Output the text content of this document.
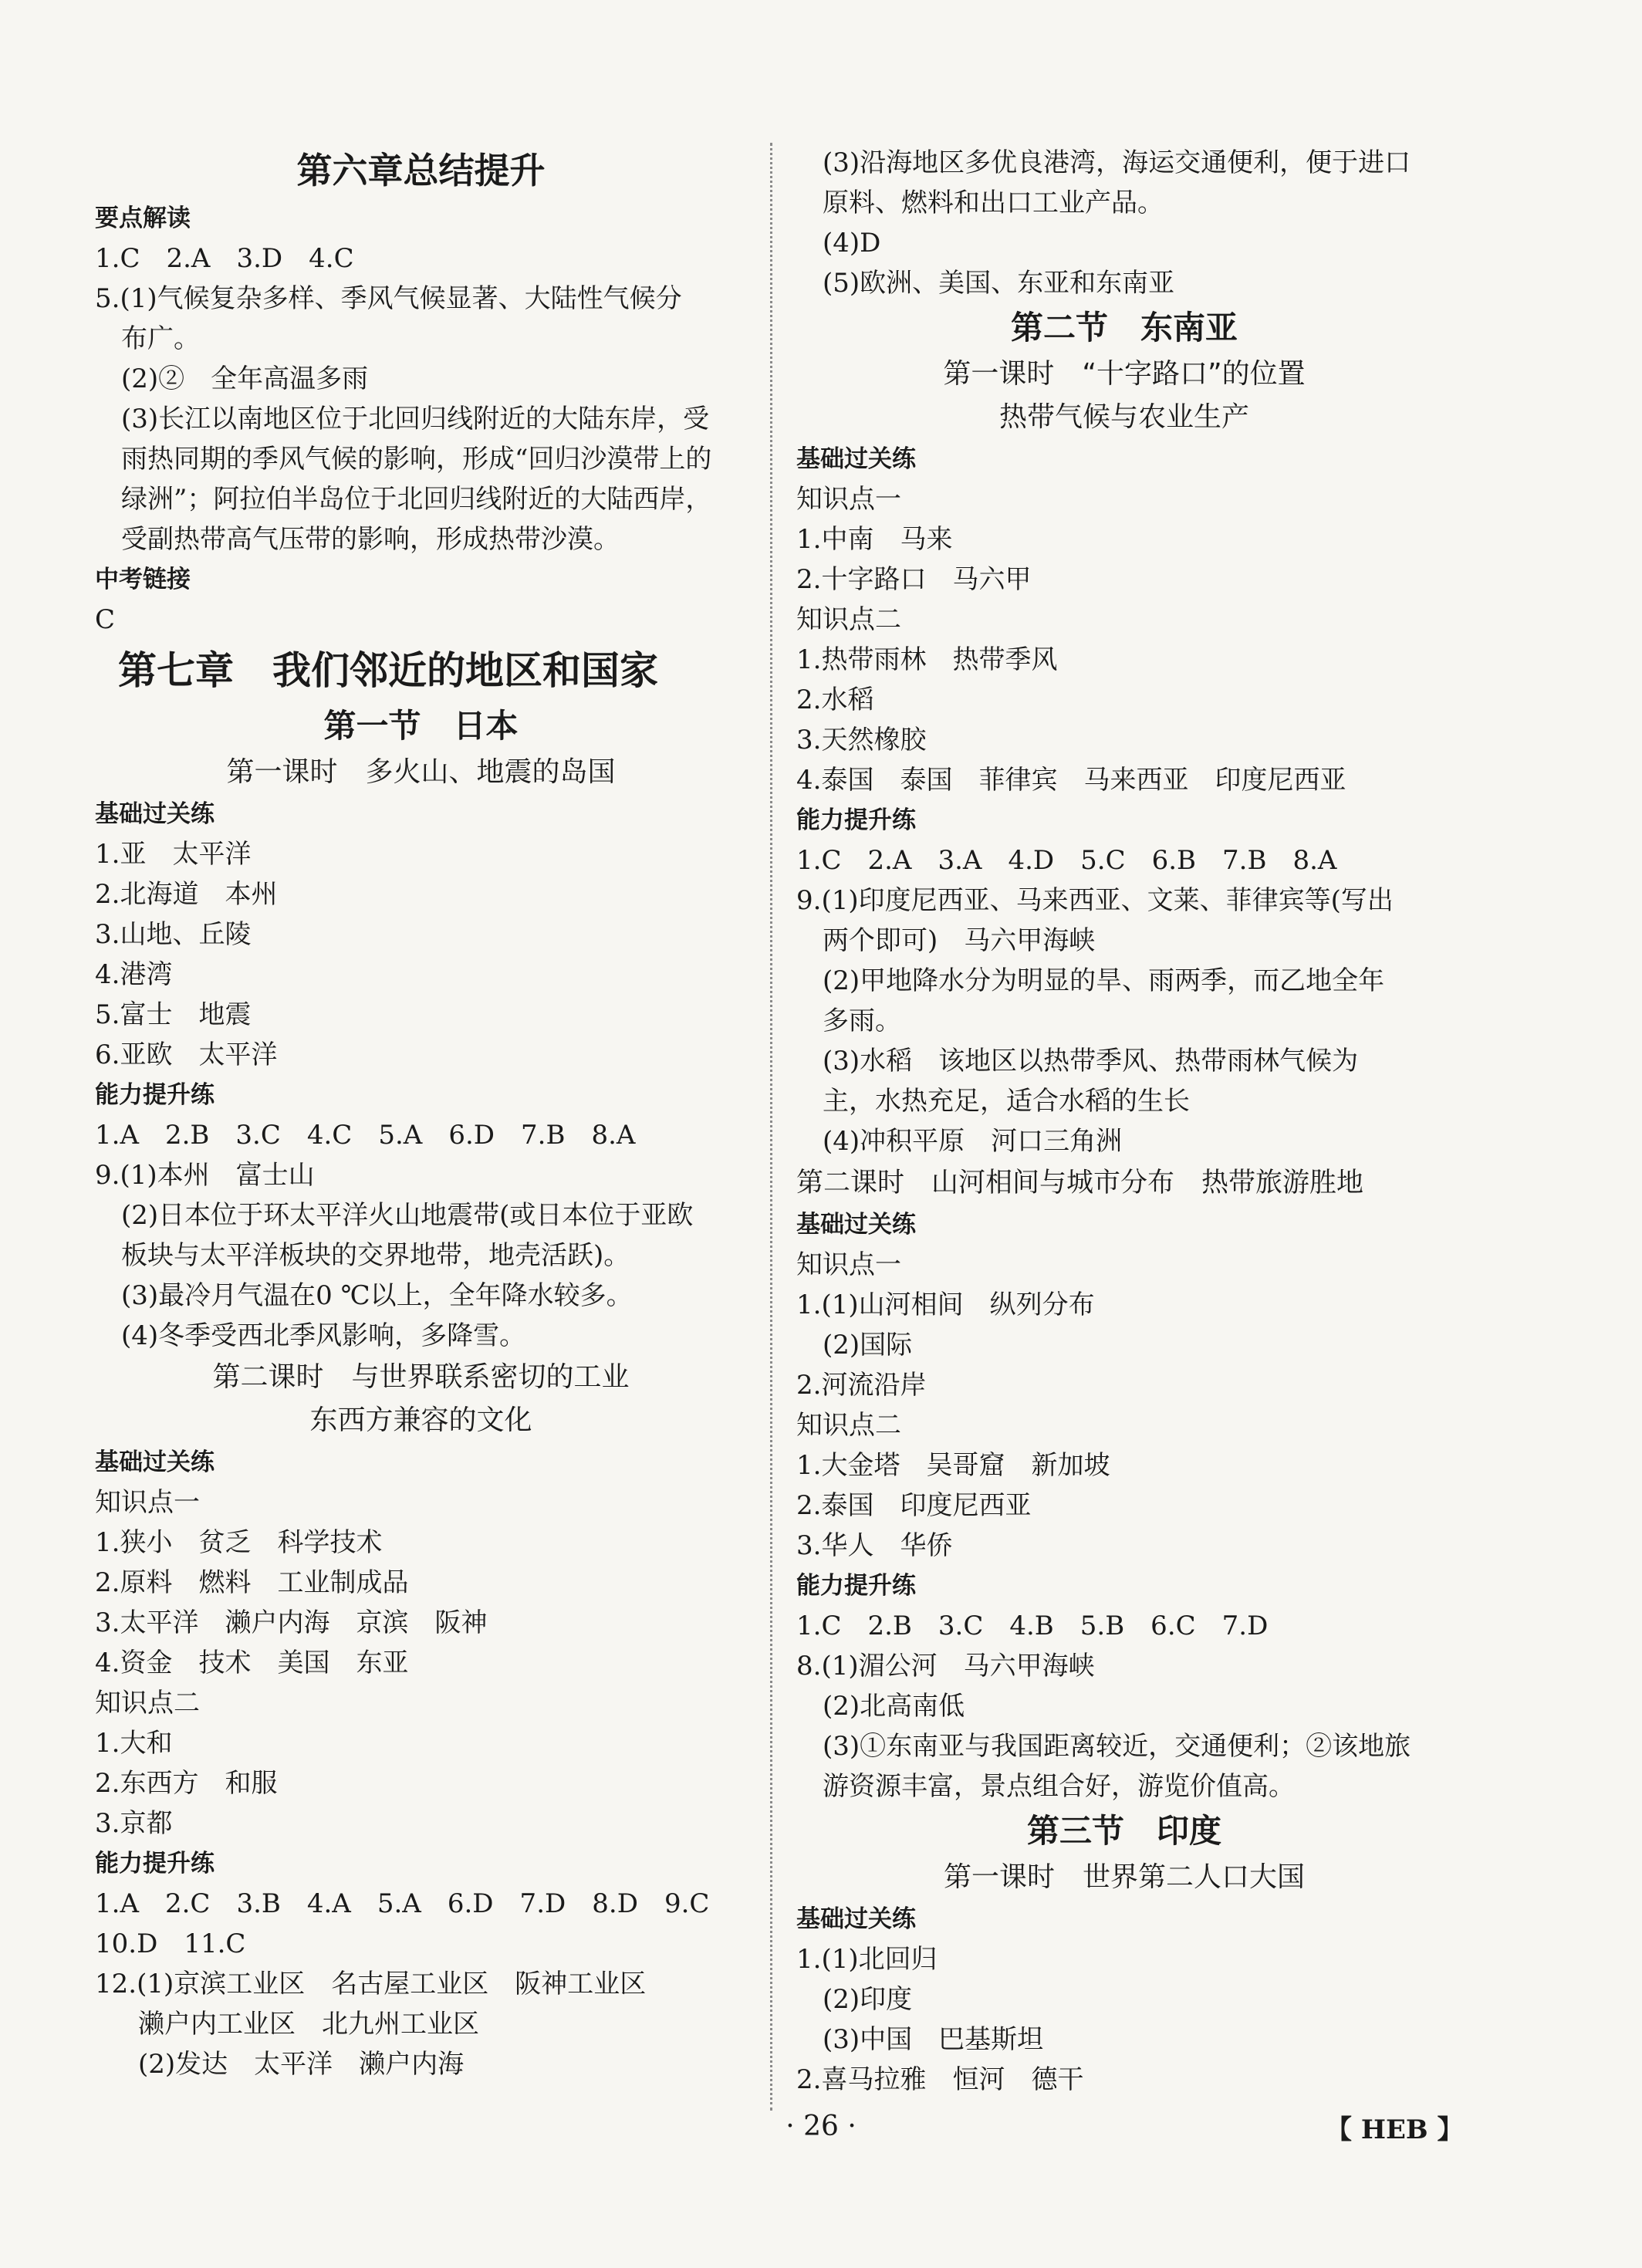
第六章总结提升
要点解读
1.C　2.A　3.D　4.C
5.(1)气候复杂多样、季风气候显著、大陆性气候分
布广。
(2)②　全年高温多雨
(3)长江以南地区位于北回归线附近的大陆东岸，受
雨热同期的季风气候的影响，形成“回归沙漠带上的
绿洲”；阿拉伯半岛位于北回归线附近的大陆西岸，
受副热带高气压带的影响，形成热带沙漠。
中考链接
C
第七章　我们邻近的地区和国家
第一节　日本
第一课时　多火山、地震的岛国
基础过关练
1.亚　太平洋
2.北海道　本州
3.山地、丘陵
4.港湾
5.富士　地震
6.亚欧　太平洋
能力提升练
1.A　2.B　3.C　4.C　5.A　6.D　7.B　8.A
9.(1)本州　富士山
(2)日本位于环太平洋火山地震带(或日本位于亚欧
板块与太平洋板块的交界地带，地壳活跃)。
(3)最冷月气温在0 ℃以上，全年降水较多。
(4)冬季受西北季风影响，多降雪。
第二课时　与世界联系密切的工业
东西方兼容的文化
基础过关练
知识点一
1.狭小　贫乏　科学技术
2.原料　燃料　工业制成品
3.太平洋　濑户内海　京滨　阪神
4.资金　技术　美国　东亚
知识点二
1.大和
2.东西方　和服
3.京都
能力提升练
1.A　2.C　3.B　4.A　5.A　6.D　7.D　8.D　9.C
10.D　11.C
12.(1)京滨工业区　名古屋工业区　阪神工业区
濑户内工业区　北九州工业区
(2)发达　太平洋　濑户内海
(3)沿海地区多优良港湾，海运交通便利，便于进口
原料、燃料和出口工业产品。
(4)D
(5)欧洲、美国、东亚和东南亚
第二节　东南亚
第一课时　“十字路口”的位置
热带气候与农业生产
基础过关练
知识点一
1.中南　马来
2.十字路口　马六甲
知识点二
1.热带雨林　热带季风
2.水稻
3.天然橡胶
4.泰国　泰国　菲律宾　马来西亚　印度尼西亚
能力提升练
1.C　2.A　3.A　4.D　5.C　6.B　7.B　8.A
9.(1)印度尼西亚、马来西亚、文莱、菲律宾等(写出
两个即可)　马六甲海峡
(2)甲地降水分为明显的旱、雨两季，而乙地全年
多雨。
(3)水稻　该地区以热带季风、热带雨林气候为
主，水热充足，适合水稻的生长
(4)冲积平原　河口三角洲
第二课时　山河相间与城市分布　热带旅游胜地
基础过关练
知识点一
1.(1)山河相间　纵列分布
(2)国际
2.河流沿岸
知识点二
1.大金塔　吴哥窟　新加坡
2.泰国　印度尼西亚
3.华人　华侨
能力提升练
1.C　2.B　3.C　4.B　5.B　6.C　7.D
8.(1)湄公河　马六甲海峡
(2)北高南低
(3)①东南亚与我国距离较近，交通便利；②该地旅
游资源丰富，景点组合好，游览价值高。
第三节　印度
第一课时　世界第二人口大国
基础过关练
1.(1)北回归
(2)印度
(3)中国　巴基斯坦
2.喜马拉雅　恒河　德干
· 26 ·	【 HEB 】
